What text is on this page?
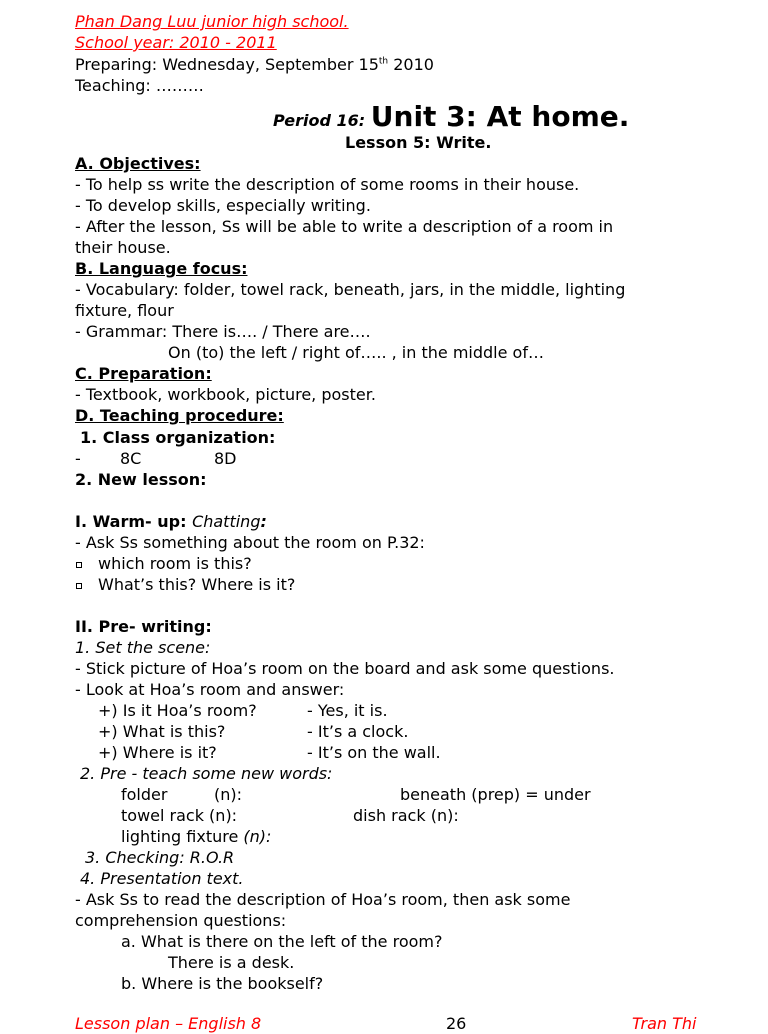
Phan Dang Luu junior high school.
School year: 2010 - 2011
Preparing: Wednesday, September 15th 2010
Teaching: ………
Period 16: Unit 3: At home.
Lesson 5: Write.
A. Objectives:
- To help ss write the description of some rooms in their house.
- To develop skills, especially writing.
- After the lesson, Ss will be able to write a description of a room in
their house.
B. Language focus:
- Vocabulary: folder, towel rack, beneath, jars, in the middle, lighting
fixture, flour
- Grammar: There is…. / There are….
On (to) the left / right of….. , in the middle of…
C. Preparation:
- Textbook, workbook, picture, poster.
D. Teaching procedure:
1. Class organization:
- 8C	8D
2. New lesson:
I. Warm- up: Chatting:
- Ask Ss something about the room on P.32:
which room is this?
What’s this? Where is it?
II. Pre- writing:
1. Set the scene:
- Stick picture of Hoa’s room on the board and ask some questions.
- Look at Hoa’s room and answer:
+) Is it Hoa’s room?	- Yes, it is.
+) What is this?	- It’s a clock.
+) Where is it?	- It’s on the wall.
2. Pre - teach some new words:
folder	(n):	beneath (prep) = under
towel rack (n):	dish rack (n):
lighting fixture (n):
3. Checking: R.O.R
4. Presentation text.
- Ask Ss to read the description of Hoa’s room, then ask some
comprehension questions:
a. What is there on the left of the room?
There is a desk.
b. Where is the bookself?
Lesson plan – English 8	26	Tran Thi
